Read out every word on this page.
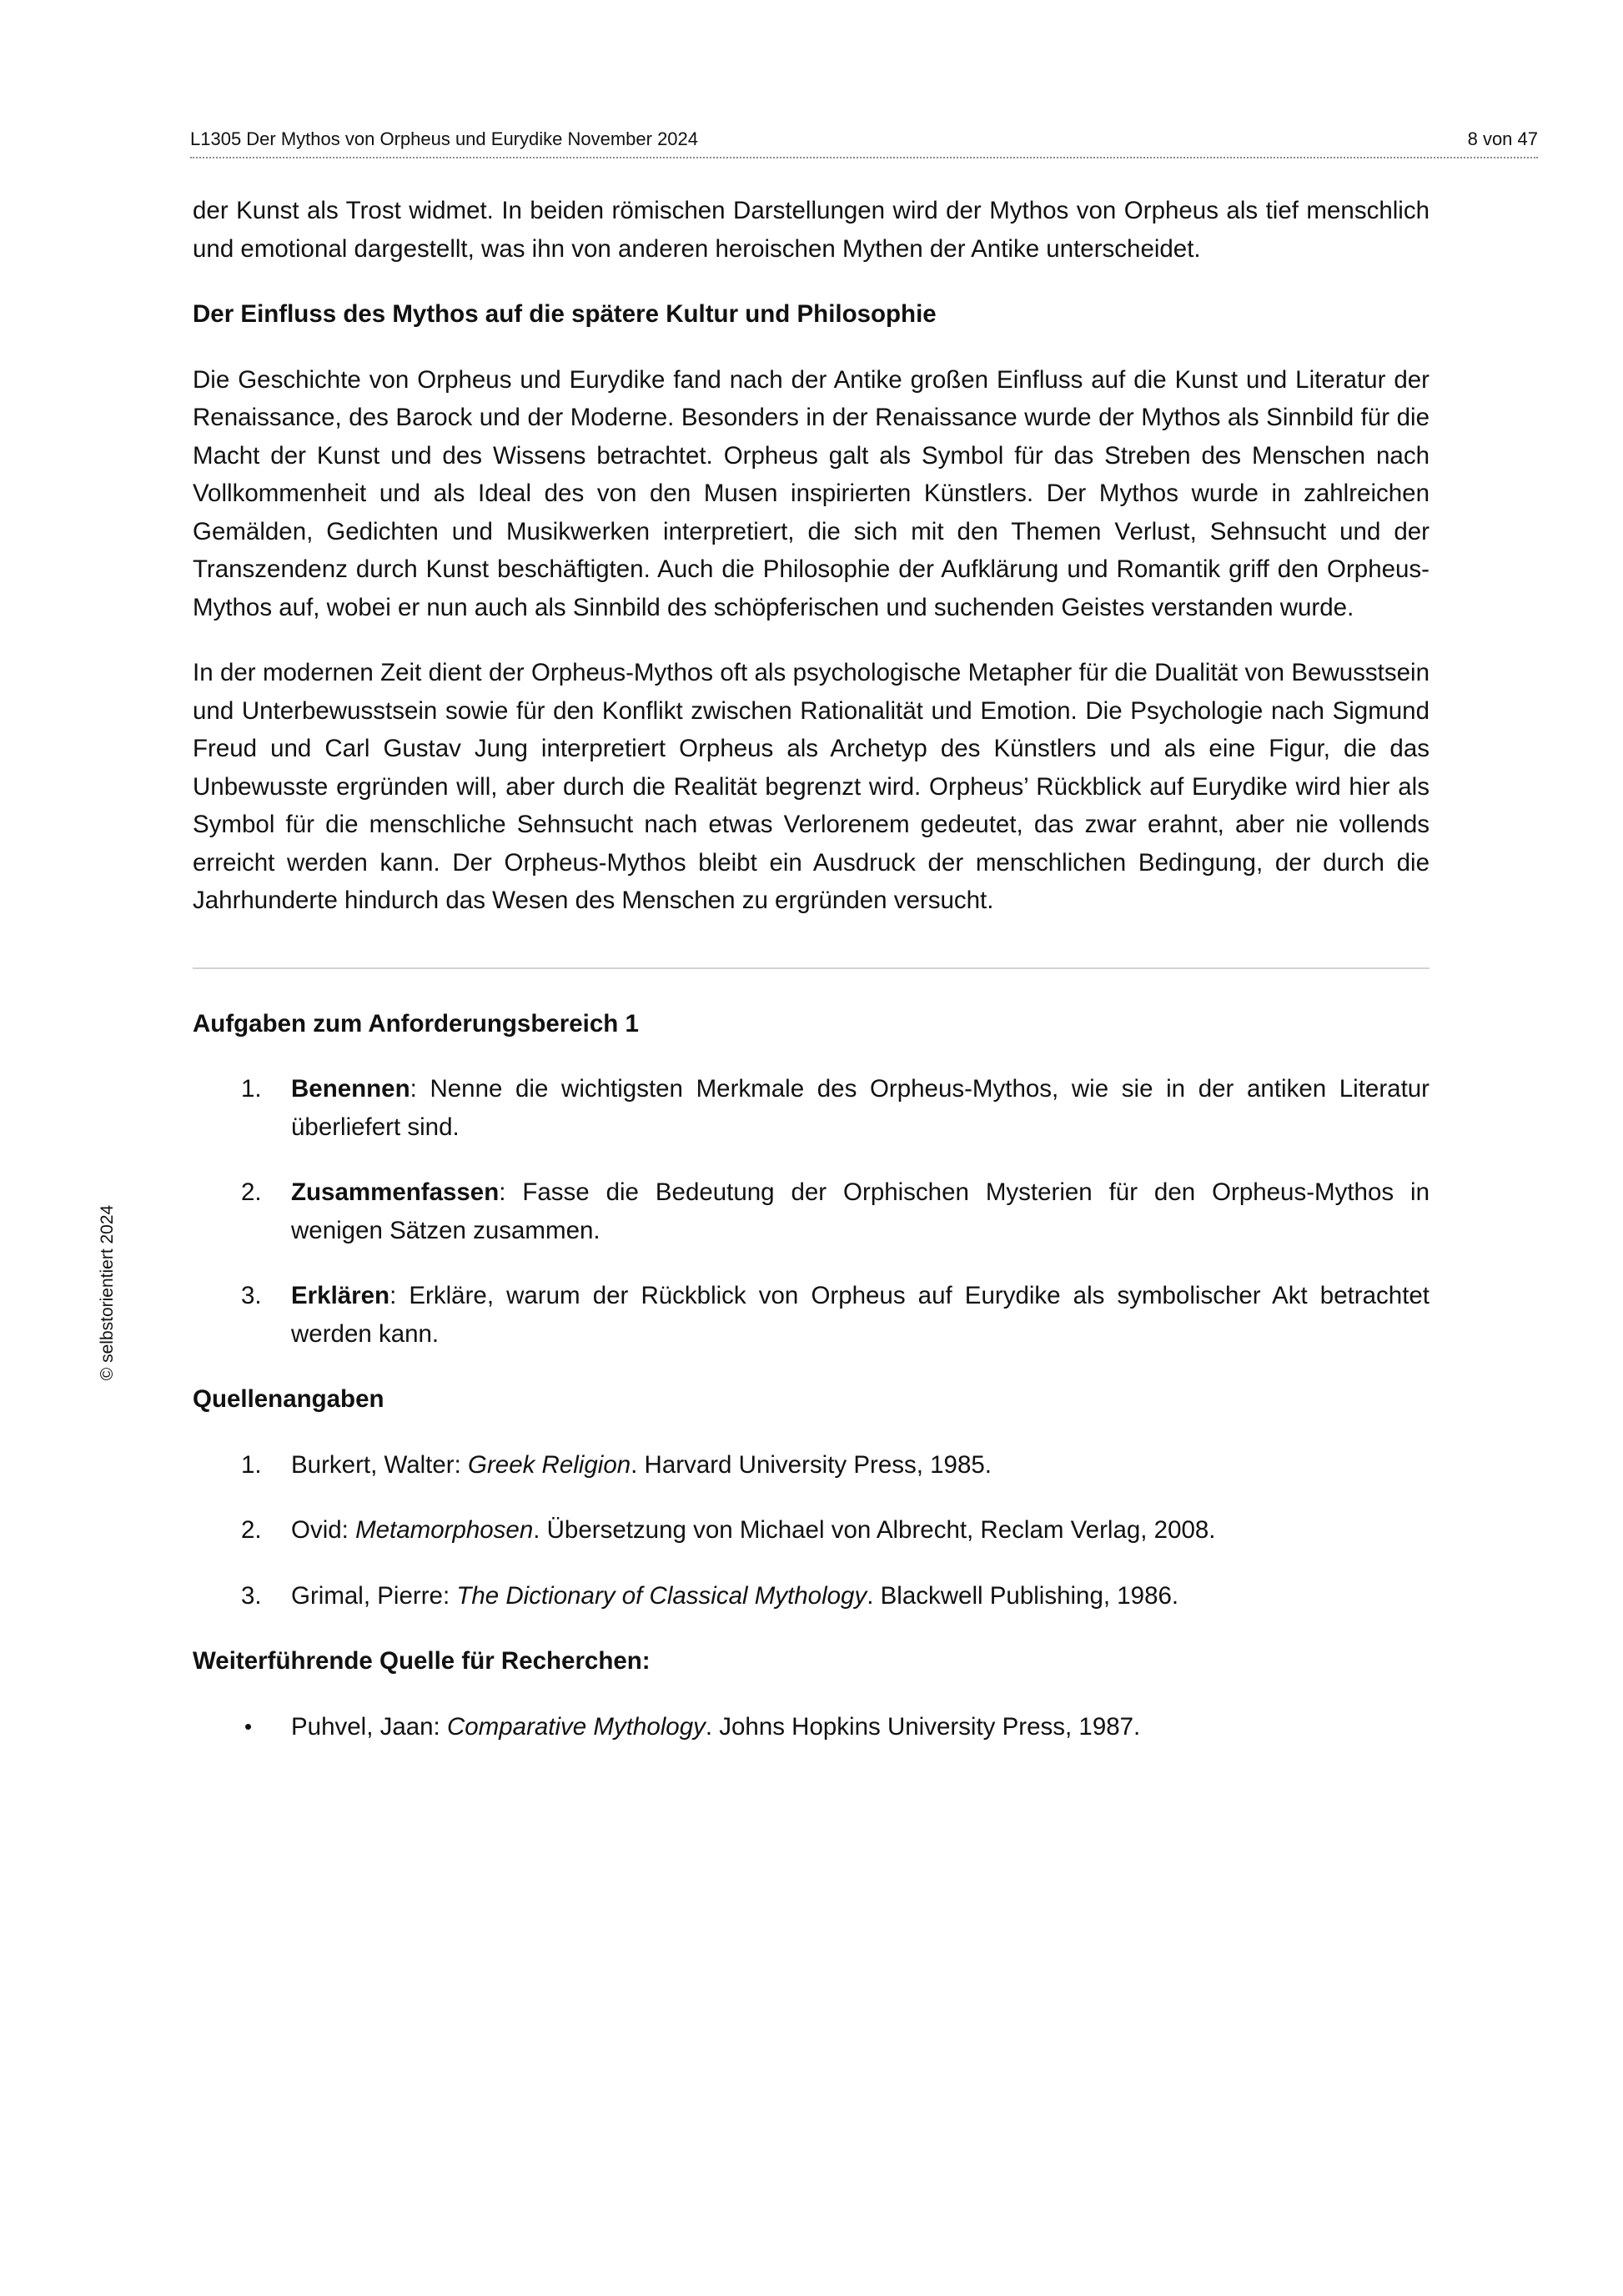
L1305 Der Mythos von Orpheus und Eurydike November 2024	8 von 47
© selbstorientiert 2024

der Kunst als Trost widmet. In beiden römischen Darstellungen wird der Mythos von Orpheus als tief menschlich und emotional dargestellt, was ihn von anderen heroischen Mythen der Antike unterscheidet.

Der Einfluss des Mythos auf die spätere Kultur und Philosophie

Die Geschichte von Orpheus und Eurydike fand nach der Antike großen Einfluss auf die Kunst und Literatur der Renaissance, des Barock und der Moderne. Besonders in der Renaissance wurde der Mythos als Sinnbild für die Macht der Kunst und des Wissens betrachtet. Orpheus galt als Symbol für das Streben des Menschen nach Vollkommenheit und als Ideal des von den Musen inspirierten Künstlers. Der Mythos wurde in zahlreichen Gemälden, Gedichten und Musikwerken interpretiert, die sich mit den Themen Verlust, Sehnsucht und der Transzendenz durch Kunst beschäftigten. Auch die Philosophie der Aufklärung und Romantik griff den Orpheus-Mythos auf, wobei er nun auch als Sinnbild des schöpferischen und suchenden Geistes verstanden wurde.

In der modernen Zeit dient der Orpheus-Mythos oft als psychologische Metapher für die Dualität von Bewusstsein und Unterbewusstsein sowie für den Konflikt zwischen Rationalität und Emotion. Die Psychologie nach Sigmund Freud und Carl Gustav Jung interpretiert Orpheus als Archetyp des Künstlers und als eine Figur, die das Unbewusste ergründen will, aber durch die Realität begrenzt wird. Orpheus’ Rückblick auf Eurydike wird hier als Symbol für die menschliche Sehnsucht nach etwas Verlorenem gedeutet, das zwar erahnt, aber nie vollends erreicht werden kann. Der Orpheus-Mythos bleibt ein Ausdruck der menschlichen Bedingung, der durch die Jahrhunderte hindurch das Wesen des Menschen zu ergründen versucht.

Aufgaben zum Anforderungsbereich 1
1. Benennen: Nenne die wichtigsten Merkmale des Orpheus-Mythos, wie sie in der antiken Literatur überliefert sind.
2. Zusammenfassen: Fasse die Bedeutung der Orphischen Mysterien für den Orpheus-Mythos in wenigen Sätzen zusammen.
3. Erklären: Erkläre, warum der Rückblick von Orpheus auf Eurydike als symbolischer Akt betrachtet werden kann.
Quellenangaben
1. Burkert, Walter: Greek Religion. Harvard University Press, 1985.
2. Ovid: Metamorphosen. Übersetzung von Michael von Albrecht, Reclam Verlag, 2008.
3. Grimal, Pierre: The Dictionary of Classical Mythology. Blackwell Publishing, 1986.
Weiterführende Quelle für Recherchen:
• Puhvel, Jaan: Comparative Mythology. Johns Hopkins University Press, 1987.
